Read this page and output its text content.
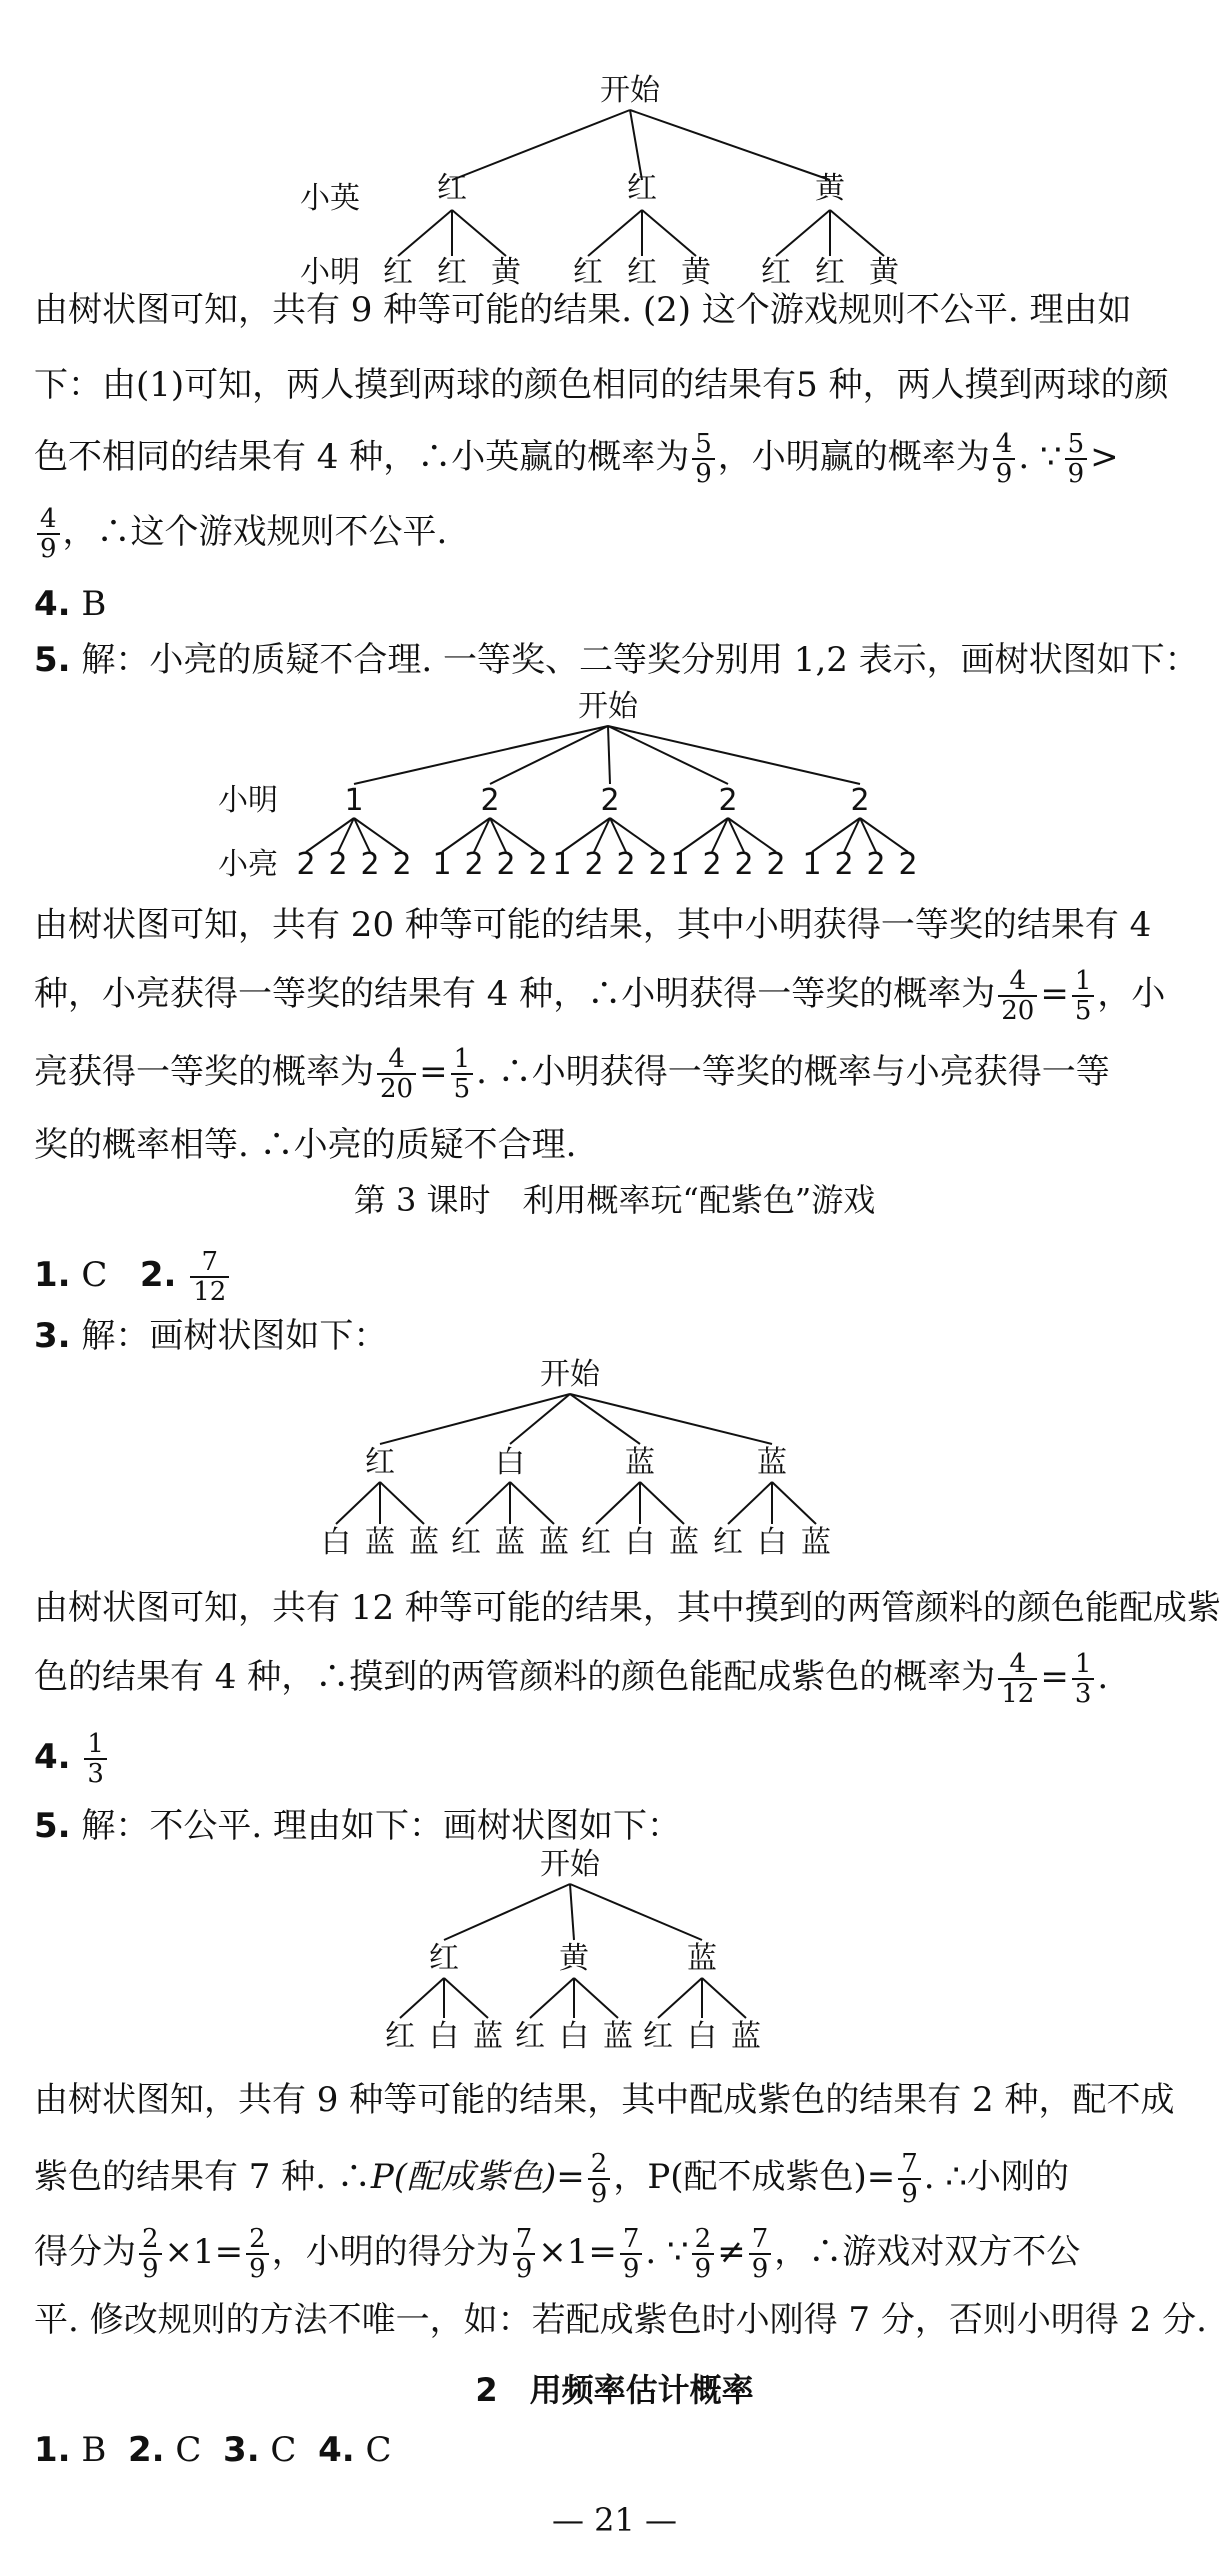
开始
小英	红	红	黄
小明 红 红 黄 红 红 黄 红 红 黄
由树状图可知，共有 9 种等可能的结果. (2) 这个游戏规则不公平. 理由如
下：由(1)可知，两人摸到两球的颜色相同的结果有5 种，两人摸到两球的颜
色不相同的结果有 4 种，∴小英赢的概率为 $\frac{5}{9}$ ，小明赢的概率为 $\frac{4}{9}$ . ∵ $\frac{5}{9}$ >
$\frac{4}{9}$ ，∴这个游戏规则不公平.
4. B
5. 解：小亮的质疑不合理. 一等奖、二等奖分别用 1,2 表示，画树状图如下：
开始
小明 1	2	2	2	2
2 2 2 2 1 2 2 2 1 2 2 2 1 2 2 2 1 2 2 2
小亮
由树状图可知，共有 20 种等可能的结果，其中小明获得一等奖的结果有 4
种，小亮获得一等奖的结果有 4 种，∴小明获得一等奖的概率为 $\frac{4}{20} = \frac{1}{5}$ ，小
亮获得一等奖的概率为 $\frac{4}{20} = \frac{1}{5}$ . ∴小明获得一等奖的概率与小亮获得一等
奖的概率相等. ∴小亮的质疑不合理.
第 3 课时　利用概率玩“配紫色”游戏
1. C 2. $\frac{7}{12}$
3. 解：画树状图如下：
开始
红	白	蓝	蓝
白 蓝 蓝 红 蓝 蓝 红 白 蓝 红 白 蓝
由树状图可知，共有 12 种等可能的结果，其中摸到的两管颜料的颜色能配成紫
色的结果有 4 种，∴摸到的两管颜料的颜色能配成紫色的概率为 $\frac{4}{12} = \frac{1}{3}$ .
4. $\frac{1}{3}$
5. 解：不公平. 理由如下：画树状图如下：
开始
红	黄	蓝
红 白 蓝 红 白 蓝 红 白 蓝
由树状图知，共有 9 种等可能的结果，其中配成紫色的结果有 2 种，配不成
紫色的结果有 7 种. ∴P(配成紫色)= $\frac{2}{9}$ ，P(配不成紫色)= $\frac{7}{9}$ . ∴小刚的
得分为 $\frac{2}{9} \times 1= \frac{2}{9}$ ，小明的得分为 $\frac{7}{9} \times 1= \frac{7}{9}$ . ∵ $\frac{2}{9} \ne \frac{7}{9}$ ，∴游戏对双方不公
平. 修改规则的方法不唯一，如：若配成紫色时小刚得 7 分，否则小明得 2 分.
2　用频率估计概率
1. B 2. C 3. C 4. C
— 21 —
